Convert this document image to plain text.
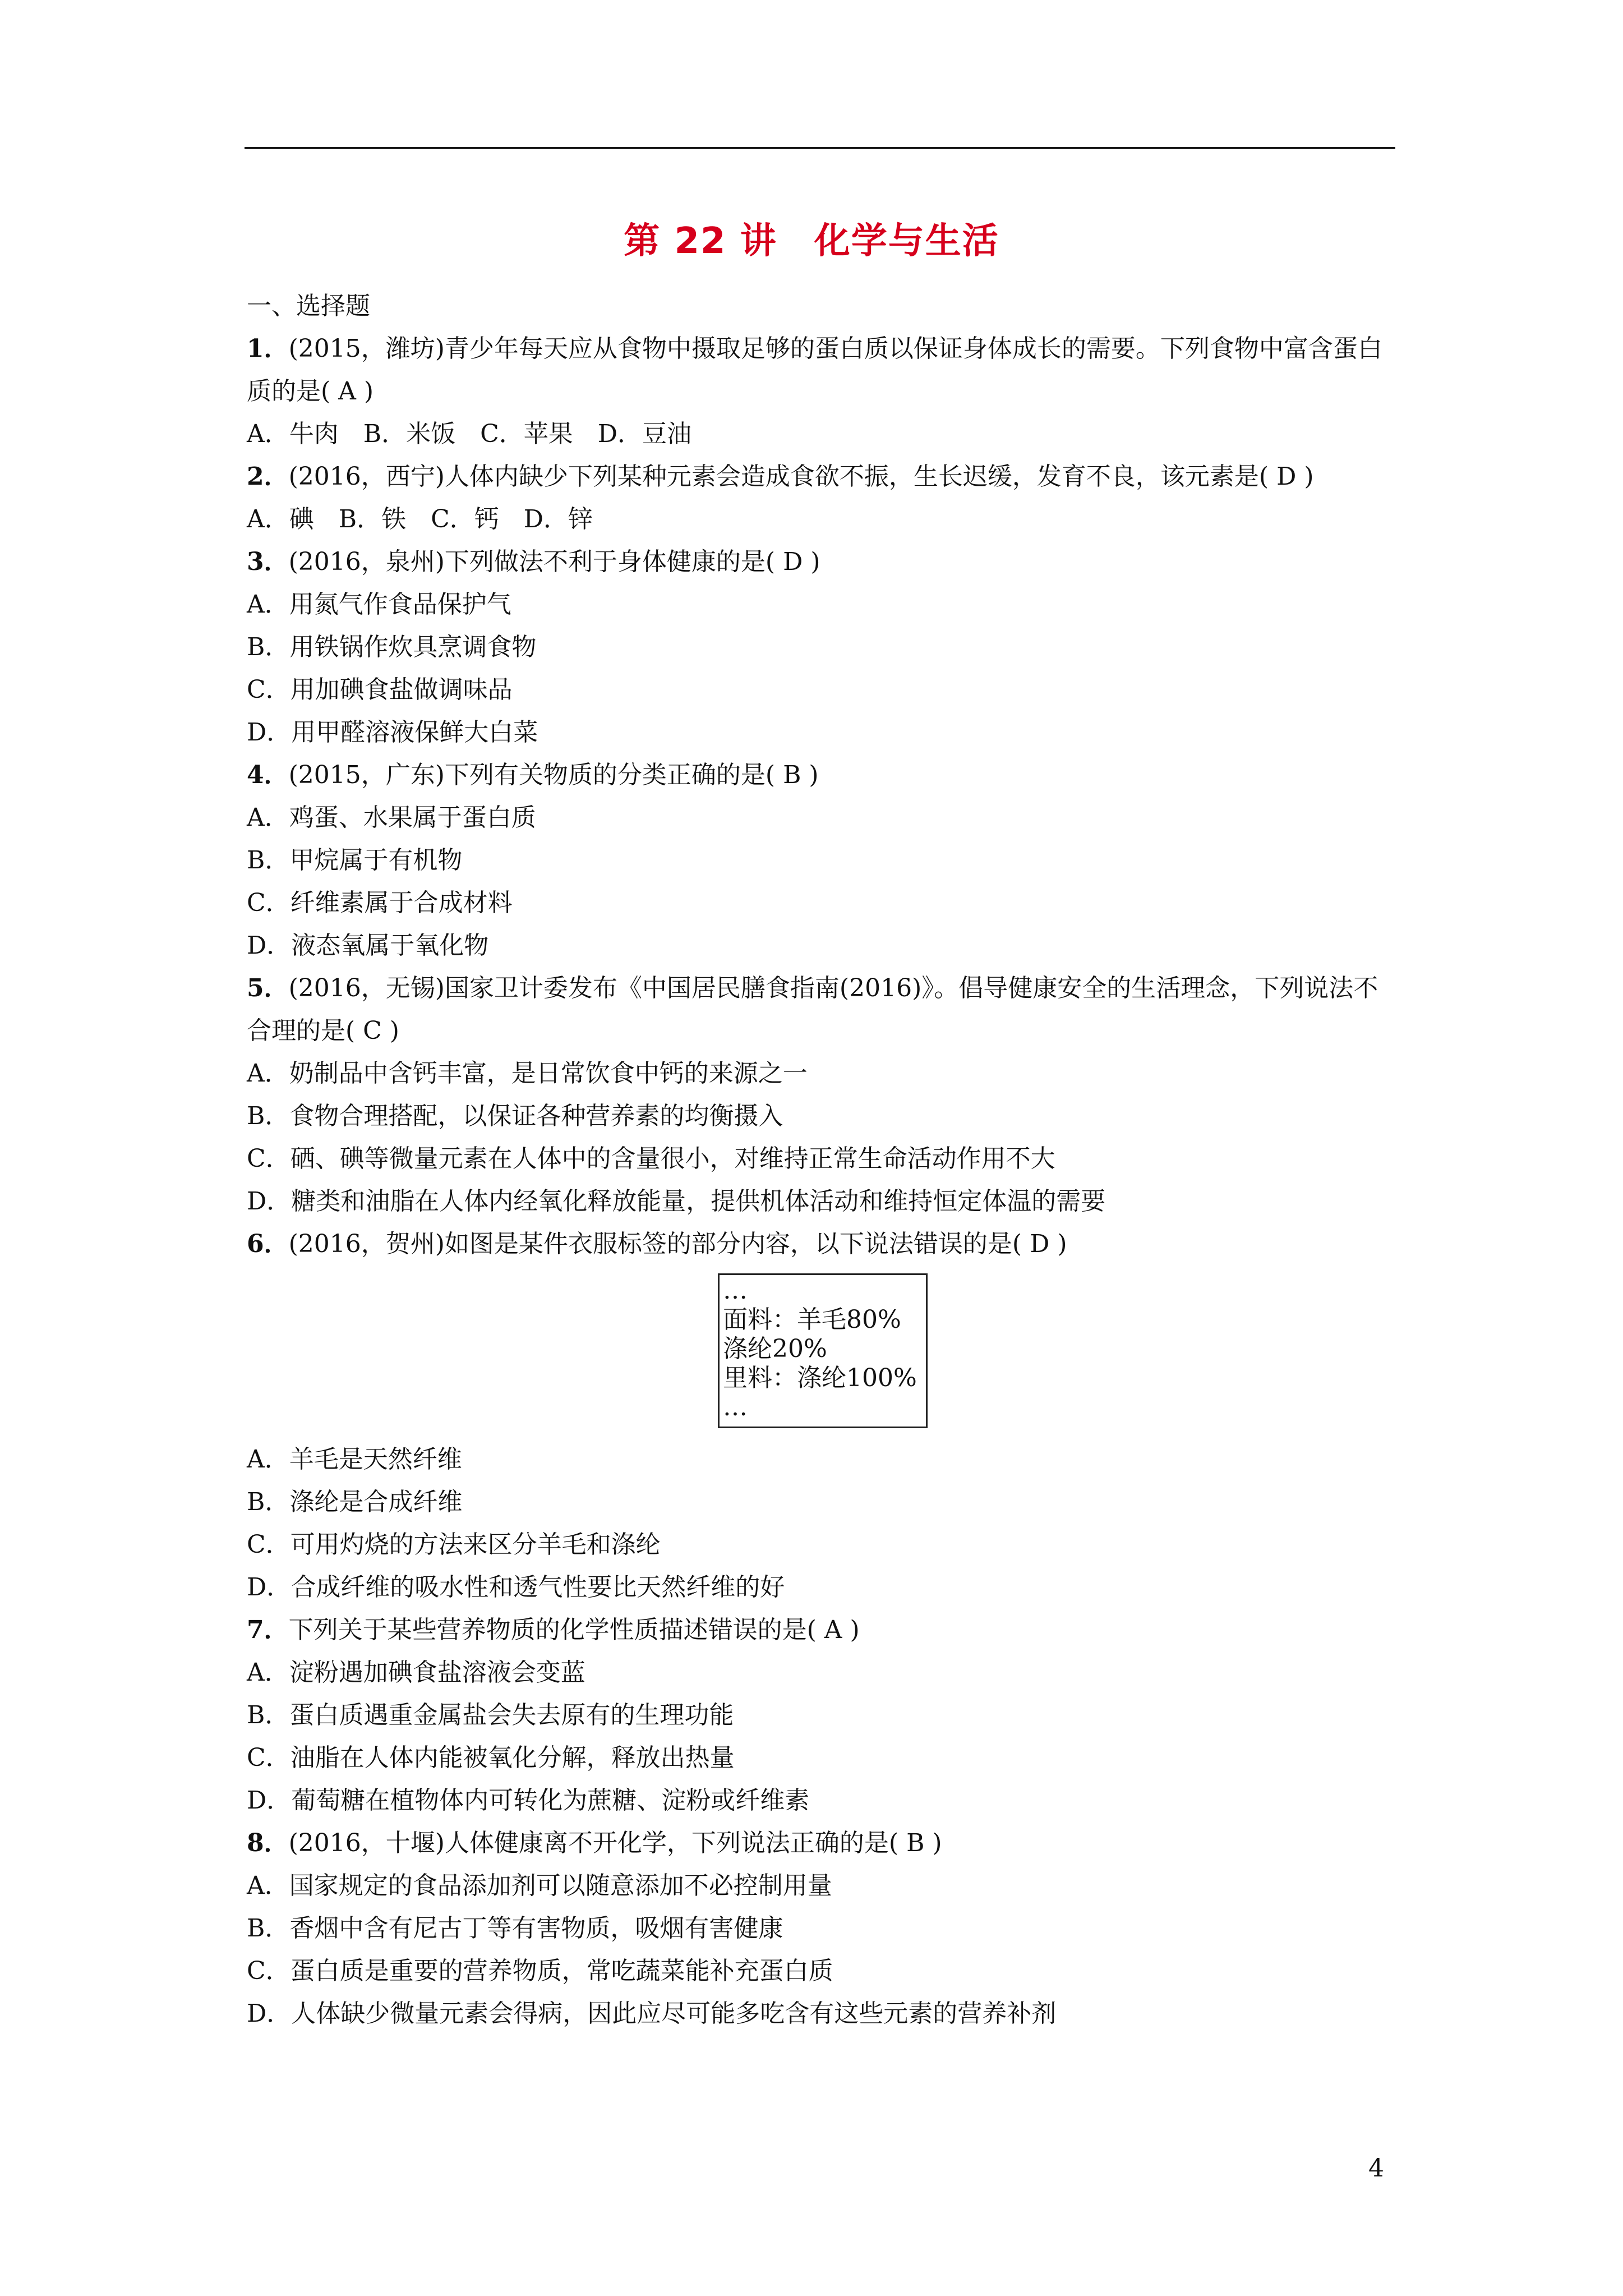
第 22 讲　化学与生活
一、选择题
1．(2015，潍坊)青少年每天应从食物中摄取足够的蛋白质以保证身体成长的需要。下列食物中富含蛋白质的是( A )
A．牛肉　B．米饭　C．苹果　D．豆油
2．(2016，西宁)人体内缺少下列某种元素会造成食欲不振，生长迟缓，发育不良，该元素是( D )
A．碘　B．铁　C．钙　D．锌
3．(2016，泉州)下列做法不利于身体健康的是( D )
A．用氮气作食品保护气
B．用铁锅作炊具烹调食物
C．用加碘食盐做调味品
D．用甲醛溶液保鲜大白菜
4．(2015，广东)下列有关物质的分类正确的是( B )
A．鸡蛋、水果属于蛋白质
B．甲烷属于有机物
C．纤维素属于合成材料
D．液态氧属于氧化物
5．(2016，无锡)国家卫计委发布《中国居民膳食指南(2016)》。倡导健康安全的生活理念，下列说法不合理的是( C )
A．奶制品中含钙丰富，是日常饮食中钙的来源之一
B．食物合理搭配，以保证各种营养素的均衡摄入
C．硒、碘等微量元素在人体中的含量很小，对维持正常生命活动作用不大
D．糖类和油脂在人体内经氧化释放能量，提供机体活动和维持恒定体温的需要
6．(2016，贺州)如图是某件衣服标签的部分内容，以下说法错误的是( D )
…
面料：羊毛80%
涤纶20%
里料：涤纶100%
…
A．羊毛是天然纤维
B．涤纶是合成纤维
C．可用灼烧的方法来区分羊毛和涤纶
D．合成纤维的吸水性和透气性要比天然纤维的好
7．下列关于某些营养物质的化学性质描述错误的是( A )
A．淀粉遇加碘食盐溶液会变蓝
B．蛋白质遇重金属盐会失去原有的生理功能
C．油脂在人体内能被氧化分解，释放出热量
D．葡萄糖在植物体内可转化为蔗糖、淀粉或纤维素
8．(2016，十堰)人体健康离不开化学，下列说法正确的是( B )
A．国家规定的食品添加剂可以随意添加不必控制用量
B．香烟中含有尼古丁等有害物质，吸烟有害健康
C．蛋白质是重要的营养物质，常吃蔬菜能补充蛋白质
D．人体缺少微量元素会得病，因此应尽可能多吃含有这些元素的营养补剂
4
